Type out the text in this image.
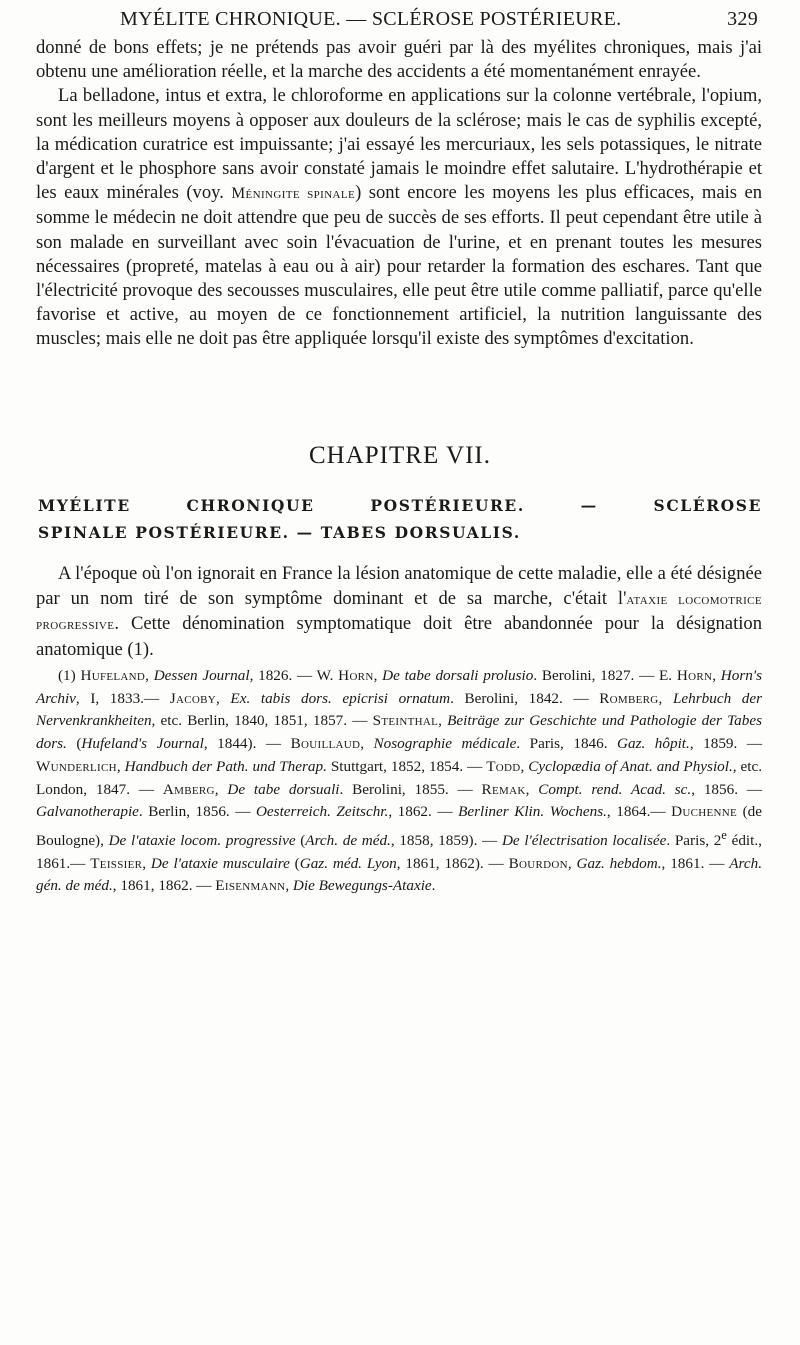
MYÉLITE CHRONIQUE. — SCLÉROSE POSTÉRIEURE.	329

donné de bons effets; je ne prétends pas avoir guéri par là des myélites chroniques, mais j'ai obtenu une amélioration réelle, et la marche des accidents a été momentanément enrayée.

La belladone, intus et extra, le chloroforme en applications sur la colonne vertébrale, l'opium, sont les meilleurs moyens à opposer aux douleurs de la sclérose; mais le cas de syphilis excepté, la médication curatrice est impuissante; j'ai essayé les mercuriaux, les sels potassiques, le nitrate d'argent et le phosphore sans avoir constaté jamais le moindre effet salutaire. L'hydrothérapie et les eaux minérales (voy. Méningite spinale) sont encore les moyens les plus efficaces, mais en somme le médecin ne doit attendre que peu de succès de ses efforts. Il peut cependant être utile à son malade en surveillant avec soin l'évacuation de l'urine, et en prenant toutes les mesures nécessaires (propreté, matelas à eau ou à air) pour retarder la formation des eschares. Tant que l'électricité provoque des secousses musculaires, elle peut être utile comme palliatif, parce qu'elle favorise et active, au moyen de ce fonctionnement artificiel, la nutrition languissante des muscles; mais elle ne doit pas être appliquée lorsqu'il existe des symptômes d'excitation.

CHAPITRE VII.
MYÉLITE CHRONIQUE POSTÉRIEURE. — SCLÉROSE
SPINALE POSTÉRIEURE. — TABES DORSUALIS.

A l'époque où l'on ignorait en France la lésion anatomique de cette maladie, elle a été désignée par un nom tiré de son symptôme dominant et de sa marche, c'était l'ataxie locomotrice progressive. Cette dénomination symptomatique doit être abandonnée pour la désignation anatomique (1).

(1) Hufeland, Dessen Journal, 1826. — W. Horn, De tabe dorsali prolusio. Berolini, 1827. — E. Horn, Horn's Archiv, I, 1833.— Jacoby, Ex. tabis dors. epicrisi ornatum. Berolini, 1842. — Romberg, Lehrbuch der Nervenkrankheiten, etc. Berlin, 1840, 1851, 1857. — Steinthal, Beiträge zur Geschichte und Pathologie der Tabes dors. (Hufeland's Journal, 1844). — Bouillaud, Nosographie médicale. Paris, 1846. Gaz. hôpit., 1859. — Wunderlich, Handbuch der Path. und Therap. Stuttgart, 1852, 1854. — Todd, Cyclopædia of Anat. and Physiol., etc. London, 1847. — Amberg, De tabe dorsuali. Berolini, 1855. — Remak, Compt. rend. Acad. sc., 1856. — Galvanotherapie. Berlin, 1856. — Oesterreich. Zeitschr., 1862. — Berliner Klin. Wochens., 1864.— Duchenne (de Boulogne), De l'ataxie locom. progressive (Arch. de méd., 1858, 1859). — De l'électrisation localisée. Paris, 2e édit., 1861.— Teissier, De l'ataxie musculaire (Gaz. méd. Lyon, 1861, 1862). — Bourdon, Gaz. hebdom., 1861. — Arch. gén. de méd., 1861, 1862. — Eisenmann, Die Bewegungs-Ataxie.
